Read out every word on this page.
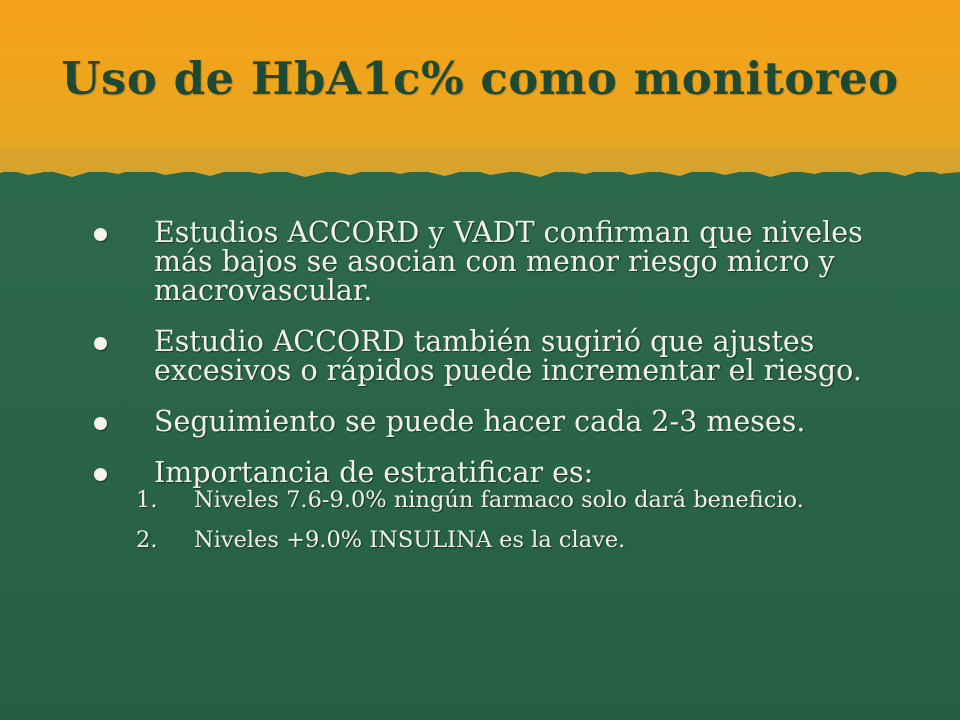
Uso de HbA1c% como monitoreo
Estudios ACCORD y VADT confirman que niveles más bajos se asocian con menor riesgo micro y macrovascular.
Estudio ACCORD también sugirió que ajustes excesivos o rápidos puede incrementar el riesgo.
Seguimiento se puede hacer cada 2-3 meses.
Importancia de estratificar es:
1. Niveles 7.6-9.0% ningún farmaco solo dará beneficio.
2. Niveles +9.0% INSULINA es la clave.
